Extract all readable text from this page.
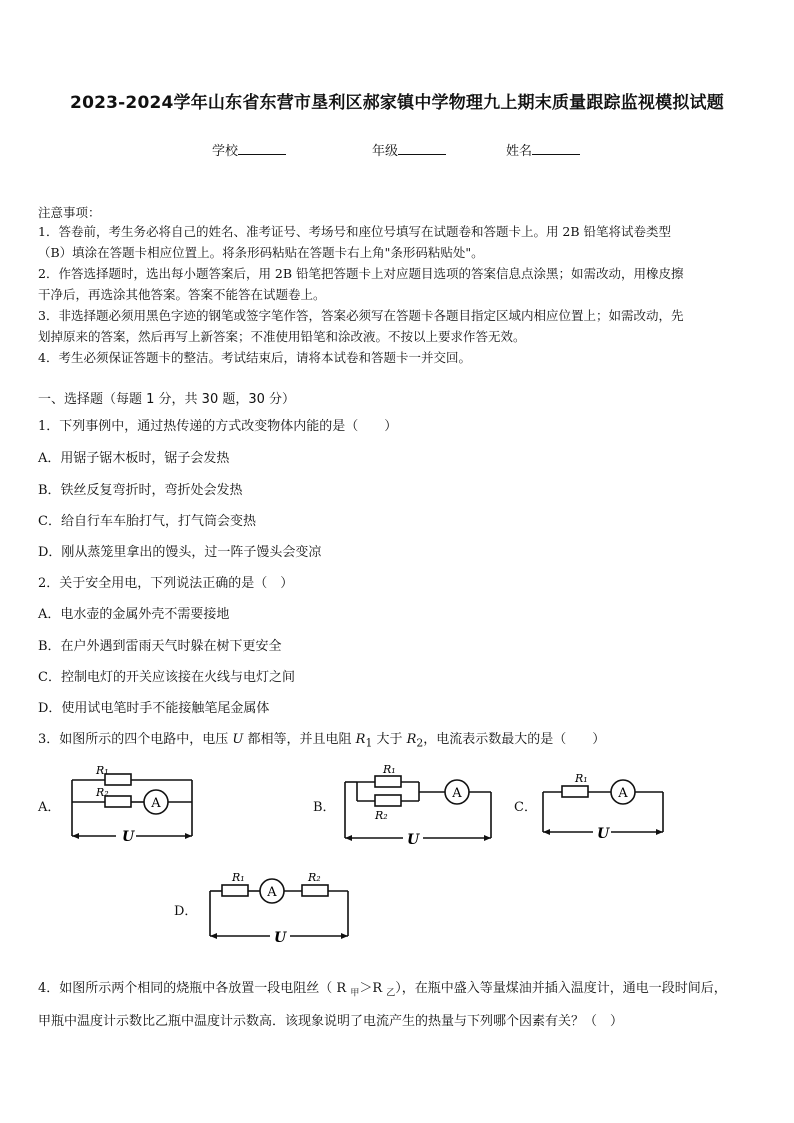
2023-2024学年山东省东营市垦利区郝家镇中学物理九上期末质量跟踪监视模拟试题
学校	年级	姓名
注意事项：
1．答卷前，考生务必将自己的姓名、准考证号、考场号和座位号填写在试题卷和答题卡上。用 2B 铅笔将试卷类型
（B）填涂在答题卡相应位置上。将条形码粘贴在答题卡右上角"条形码粘贴处"。
2．作答选择题时，选出每小题答案后，用 2B 铅笔把答题卡上对应题目选项的答案信息点涂黑；如需改动，用橡皮擦
干净后，再选涂其他答案。答案不能答在试题卷上。
3．非选择题必须用黑色字迹的钢笔或签字笔作答，答案必须写在答题卡各题目指定区域内相应位置上；如需改动，先
划掉原来的答案，然后再写上新答案；不准使用铅笔和涂改液。不按以上要求作答无效。
4．考生必须保证答题卡的整洁。考试结束后，请将本试卷和答题卡一并交回。
一、选择题（每题 1 分，共 30 题，30 分）
1．下列事例中，通过热传递的方式改变物体内能的是（　　）
A．用锯子锯木板时，锯子会发热
B．铁丝反复弯折时，弯折处会发热
C．给自行车车胎打气，打气筒会变热
D．刚从蒸笼里拿出的馒头，过一阵子馒头会变凉
2．关于安全用电，下列说法正确的是（　）
A．电水壶的金属外壳不需要接地
B．在户外遇到雷雨天气时躲在树下更安全
C．控制电灯的开关应该接在火线与电灯之间
D．使用试电笔时手不能接触笔尾金属体
3．如图所示的四个电路中，电压 U 都相等，并且电阻 $R_1$ 大于 $R_2$，电流表示数最大的是（　　）
A．	A
R₁
R₂
U
B．
A
R₁
R₂
U
C．
A
R₁
U
D．
A
R₁	R₂
U
4．如图所示两个相同的烧瓶中各放置一段电阻丝（ R $_甲$＞R $_乙$），在瓶中盛入等量煤油并插入温度计，通电一段时间后，
甲瓶中温度计示数比乙瓶中温度计示数高．该现象说明了电流产生的热量与下列哪个因素有关？（　）
